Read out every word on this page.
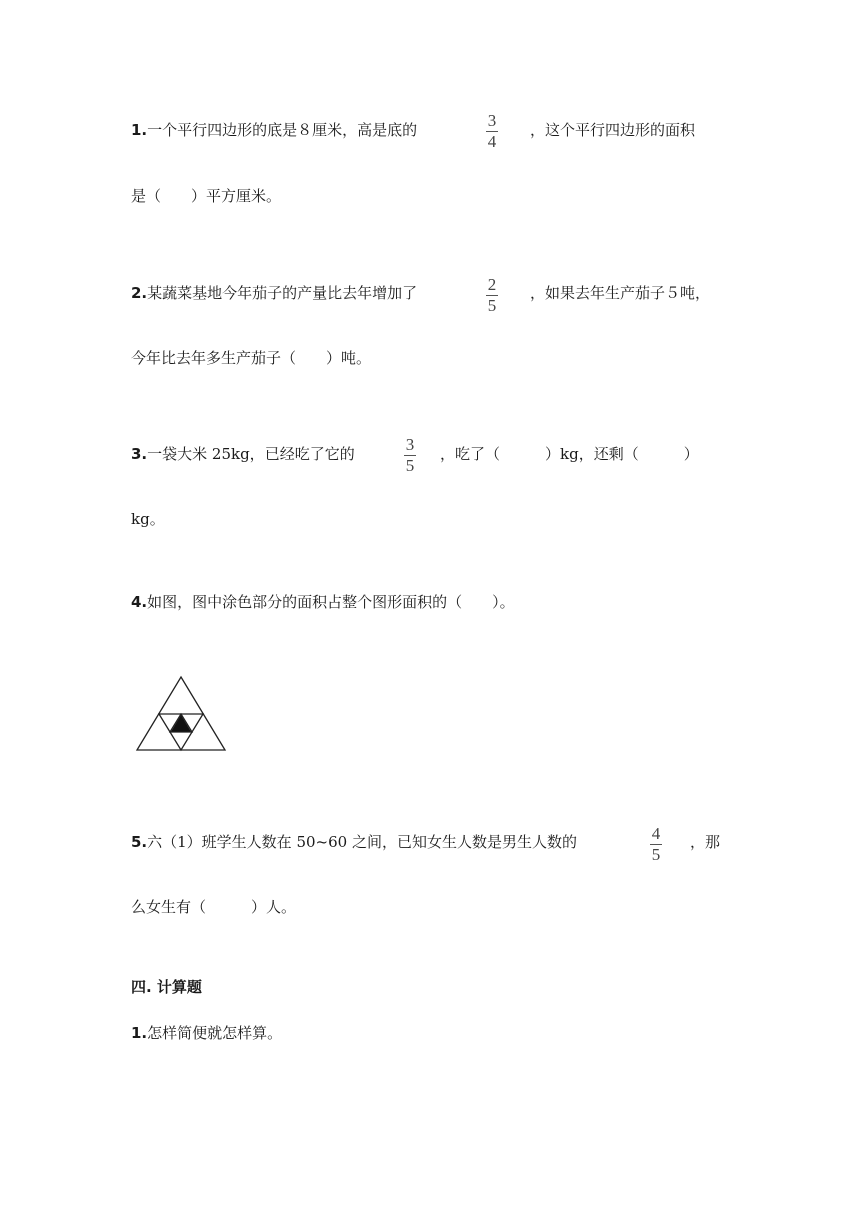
1.一个平行四边形的底是８厘米，高是底的	3
4
，这个平行四边形的面积
是（　　）平方厘米。
2.某蔬菜基地今年茄子的产量比去年增加了	2
5
，如果去年生产茄子５吨，
今年比去年多生产茄子（　　）吨。
3.一袋大米 25kg，已经吃了它的	3
5
，吃了（　　　）kg，还剩（　　　）
kg。
4.如图，图中涂色部分的面积占整个图形面积的（　　）。
5.六（1）班学生人数在 50~60 之间，已知女生人数是男生人数的	4
5
，那
么女生有（　　　）人。
四. 计算题
1.怎样简便就怎样算。
